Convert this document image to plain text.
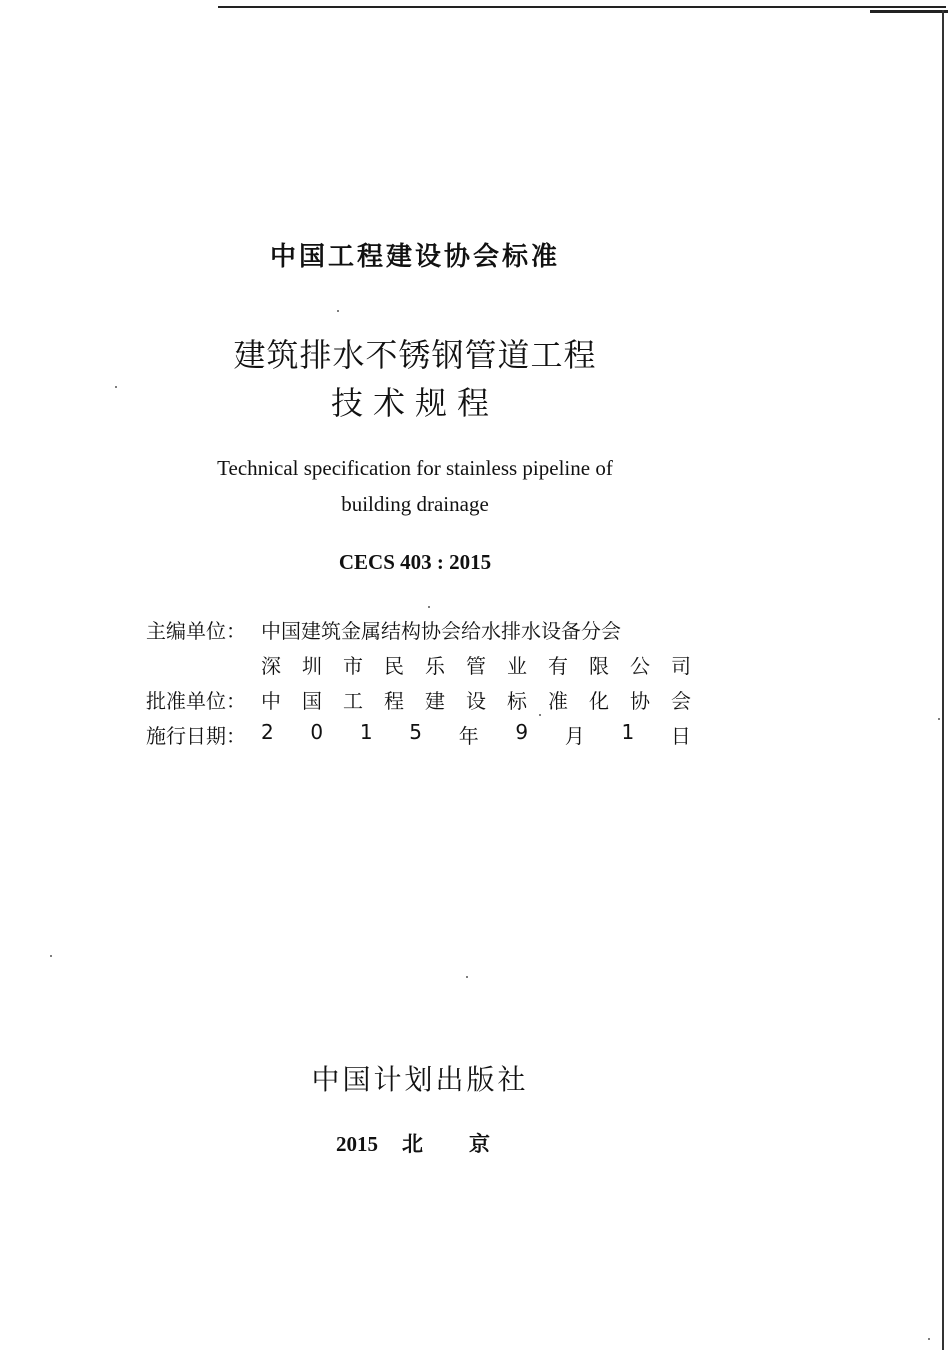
中国工程建设协会标准
建筑排水不锈钢管道工程
技术规程
Technical specification for stainless pipeline of
building drainage
CECS 403 : 2015
主编单位： 中国建筑金属结构协会给水排水设备分会
深 圳 市 民 乐 管 业 有 限 公 司
批准单位： 中 国 工 程 建 设 标 准 化 协 会
施行日期： 2 0 1 5 年 9 月 1 日
中国计划出版社
2015 北京
